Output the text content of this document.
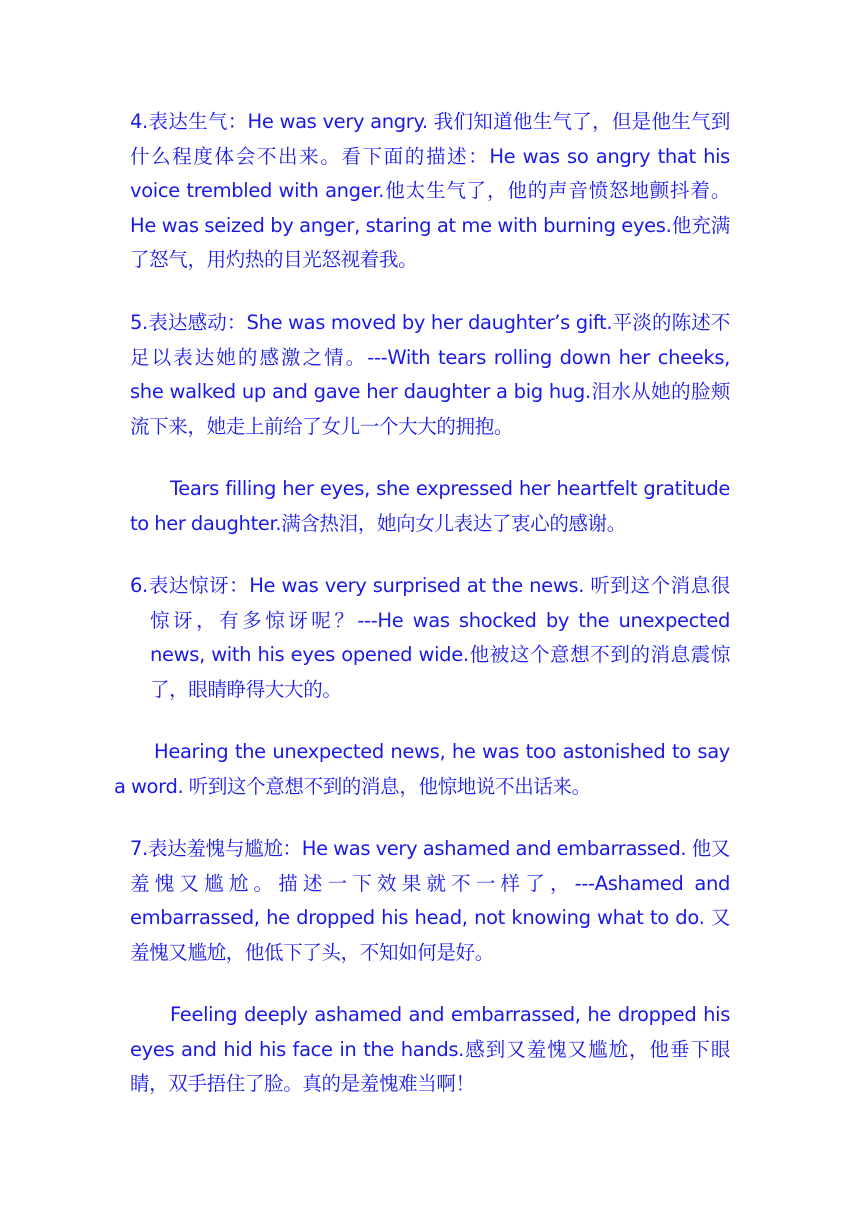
4.表达生气：He was very angry. 我们知道他生气了，但是他生气到什么程度体会不出来。看下面的描述：He was so angry that his voice trembled with anger.他太生气了，他的声音愤怒地颤抖着。He was seized by anger, staring at me with burning eyes.他充满了怒气，用灼热的目光怒视着我。

5.表达感动：She was moved by her daughter’s gift.平淡的陈述不足以表达她的感激之情。---With tears rolling down her cheeks, she walked up and gave her daughter a big hug.泪水从她的脸颊流下来，她走上前给了女儿一个大大的拥抱。

Tears filling her eyes, she expressed her heartfelt gratitude to her daughter.满含热泪，她向女儿表达了衷心的感谢。

6.表达惊讶：He was very surprised at the news. 听到这个消息很惊讶，有多惊讶呢？---He was shocked by the unexpected news, with his eyes opened wide.他被这个意想不到的消息震惊了，眼睛睁得大大的。

Hearing the unexpected news, he was too astonished to say a word. 听到这个意想不到的消息，他惊地说不出话来。

7.表达羞愧与尴尬：He was very ashamed and embarrassed. 他又羞愧又尴尬。描述一下效果就不一样了，---Ashamed and embarrassed, he dropped his head, not knowing what to do. 又羞愧又尴尬，他低下了头，不知如何是好。

Feeling deeply ashamed and embarrassed, he dropped his eyes and hid his face in the hands.感到又羞愧又尴尬，他垂下眼睛，双手捂住了脸。真的是羞愧难当啊！
